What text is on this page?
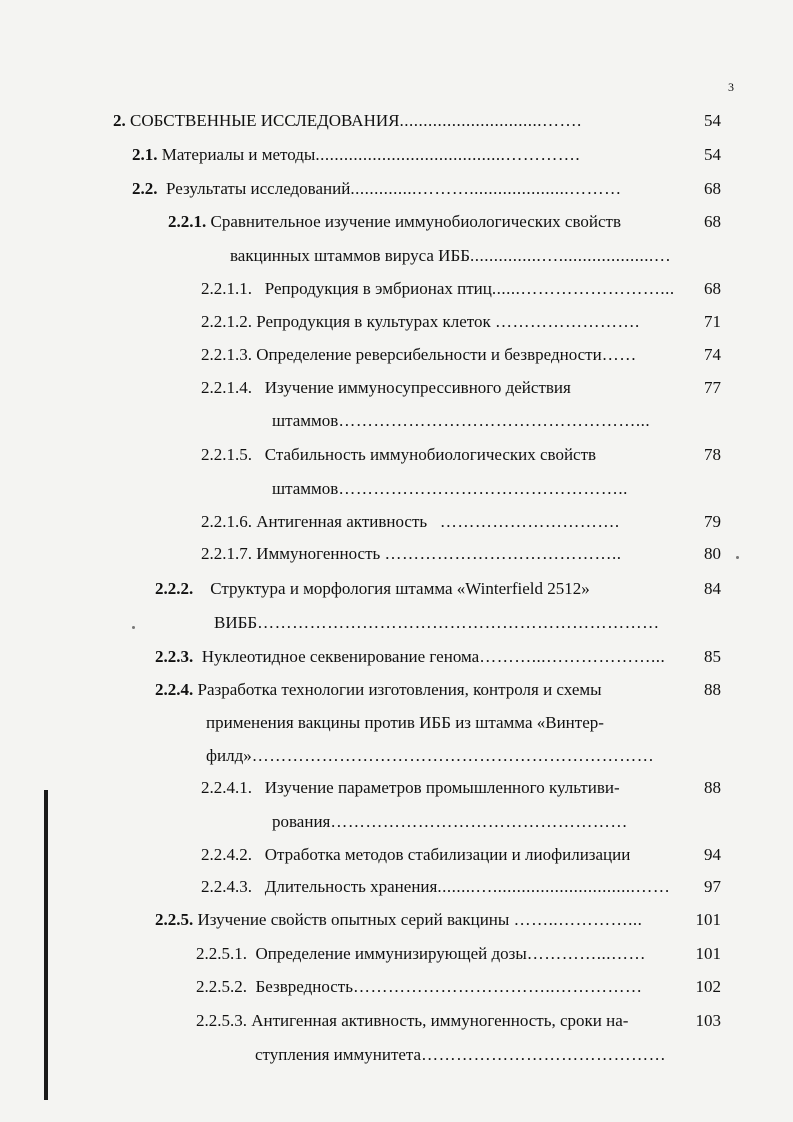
3
2. СОБСТВЕННЫЕ ИССЛЕДОВАНИЯ..............................…….	54
2.1. Материалы и методы........................................………….	54
2.2. Результаты исследований..............……….....................………	68
2.2.1. Сравнительное изучение иммунобиологических свойств	68
вакцинных штаммов вируса ИББ...............…....................…
2.2.1.1. Репродукция в эмбрионах птиц......……………………... 68
2.2.1.2. Репродукция в культурах клеток …………………….	71
2.2.1.3. Определение реверсибельности и безвредности……	74
2.2.1.4. Изучение иммуносупрессивного действия	77
штаммов……………………………………………...
2.2.1.5. Стабильность иммунобиологических свойств	78
штаммов…………………………………………..
2.2.1.6. Антигенная активность ………………………….	79
2.2.1.7. Иммуногенность …………………………………..	80
2.2.2. Структура и морфология штамма «Winterfield 2512»	84
ВИББ……………………………………………………………
2.2.3. Нуклеотидное секвенирование генома………...………………... 85
2.2.4. Разработка технологии изготовления, контроля и схемы	88
применения вакцины против ИББ из штамма «Винтер-
филд»……………………………………………………………
2.2.4.1. Изучение параметров промышленного культиви-	88
рования……………………………………………
2.2.4.2. Отработка методов стабилизации и лиофилизации	94
2.2.4.3. Длительность хранения........…..............................…… 97
2.2.5. Изучение свойств опытных серий вакцины ……..…………...	101
2.2.5.1. Определение иммунизирующей дозы…………...……	101
2.2.5.2. Безвредность……………………………..……………	102
2.2.5.3. Антигенная активность, иммуногенность, сроки на-	103
ступления иммунитета……………………………………
